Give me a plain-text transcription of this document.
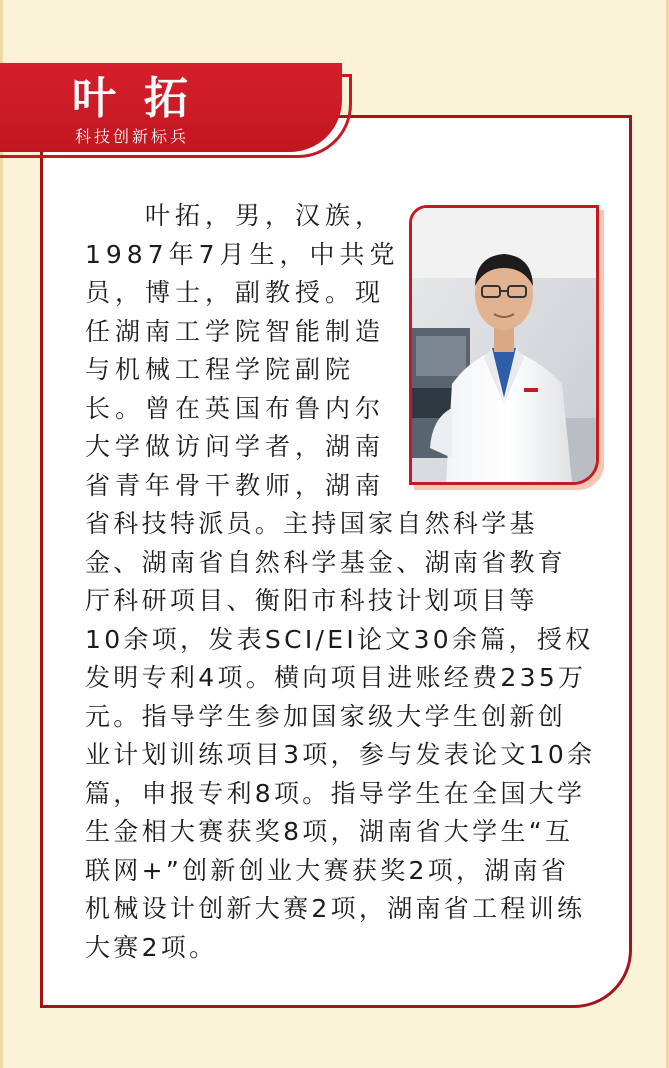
叶拓
科技创新标兵
　　叶拓，男，汉族，
1987年7月生，中共党
员，博士，副教授。现
任湖南工学院智能制造
与机械工程学院副院
长。曾在英国布鲁内尔
大学做访问学者，湖南
省青年骨干教师，湖南
省科技特派员。主持国家自然科学基
金、湖南省自然科学基金、湖南省教育
厅科研项目、衡阳市科技计划项目等
10余项，发表SCI/EI论文30余篇，授权
发明专利4项。横向项目进账经费235万
元。指导学生参加国家级大学生创新创
业计划训练项目3项，参与发表论文10余
篇，申报专利8项。指导学生在全国大学
生金相大赛获奖8项，湖南省大学生“互
联网+”创新创业大赛获奖2项，湖南省
机械设计创新大赛2项，湖南省工程训练
大赛2项。
